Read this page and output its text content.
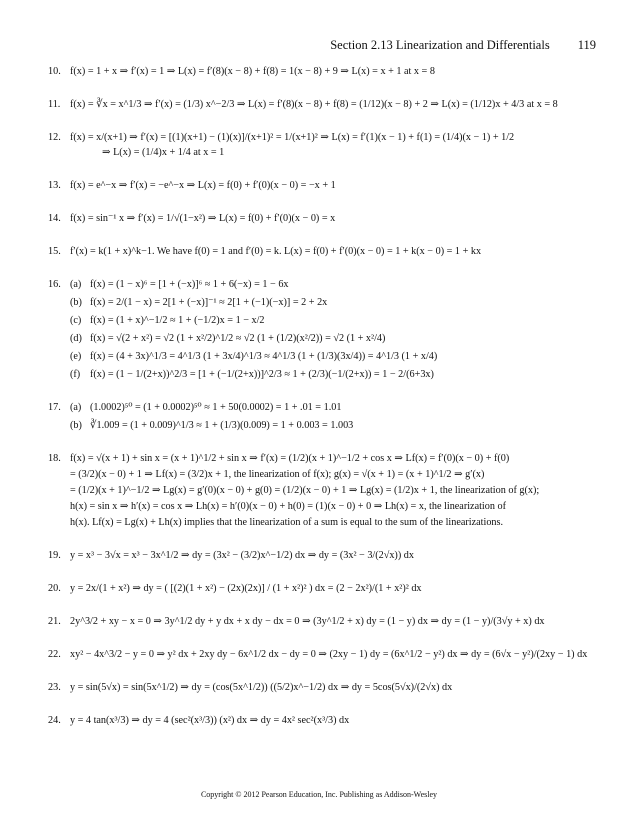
Section 2.13 Linearization and Differentials 119
10. f(x) = 1 + x ⇒ f′(x) = 1 ⇒ L(x) = f′(8)(x − 8) + f(8) = 1(x − 8) + 9 ⇒ L(x) = x + 1 at x = 8
11. f(x) = ∛x = x^1/3 ⇒ f′(x) = (1/3) x^−2/3 ⇒ L(x) = f′(8)(x − 8) + f(8) = (1/12)(x − 8) + 2 ⇒ L(x) = (1/12)x + 4/3 at x = 8
12. f(x) = x/(x+1) ⇒ f′(x) = [(1)(x+1) − (1)(x)]/(x+1)² = 1/(x+1)² ⇒ L(x) = f′(1)(x − 1) + f(1) = (1/4)(x − 1) + 1/2
⇒ L(x) = (1/4)x + 1/4 at x = 1
13. f(x) = e^−x ⇒ f′(x) = −e^−x ⇒ L(x) = f(0) + f′(0)(x − 0) = −x + 1
14. f(x) = sin⁻¹ x ⇒ f′(x) = 1/√(1−x²) ⇒ L(x) = f(0) + f′(0)(x − 0) = x
15. f′(x) = k(1 + x)^k−1. We have f(0) = 1 and f′(0) = k. L(x) = f(0) + f′(0)(x − 0) = 1 + k(x − 0) = 1 + kx
16. (a) f(x) = (1 − x)⁶ = [1 + (−x)]⁶ ≈ 1 + 6(−x) = 1 − 6x
(b) f(x) = 2/(1 − x) = 2[1 + (−x)]⁻¹ ≈ 2[1 + (−1)(−x)] = 2 + 2x
(c) f(x) = (1 + x)^−1/2 ≈ 1 + (−1/2)x = 1 − x/2
(d) f(x) = √(2 + x²) = √2 (1 + x²/2)^1/2 ≈ √2 (1 + (1/2)(x²/2)) = √2 (1 + x²/4)
(e) f(x) = (4 + 3x)^1/3 = 4^1/3 (1 + 3x/4)^1/3 ≈ 4^1/3 (1 + (1/3)(3x/4)) = 4^1/3 (1 + x/4)
(f) f(x) = (1 − 1/(2+x))^2/3 = [1 + (−1/(2+x))]^2/3 ≈ 1 + (2/3)(−1/(2+x)) = 1 − 2/(6+3x)
17. (a) (1.0002)⁵⁰ = (1 + 0.0002)⁵⁰ ≈ 1 + 50(0.0002) = 1 + .01 = 1.01
(b) ∛1.009 = (1 + 0.009)^1/3 ≈ 1 + (1/3)(0.009) = 1 + 0.003 = 1.003
18. f(x) = √(x + 1) + sin x = (x + 1)^1/2 + sin x ⇒ f′(x) = (1/2)(x + 1)^−1/2 + cos x ⇒ Lf(x) = f′(0)(x − 0) + f(0)
= (3/2)(x − 0) + 1 ⇒ Lf(x) = (3/2)x + 1, the linearization of f(x); g(x) = √(x + 1) = (x + 1)^1/2 ⇒ g′(x)
= (1/2)(x + 1)^−1/2 ⇒ Lg(x) = g′(0)(x − 0) + g(0) = (1/2)(x − 0) + 1 ⇒ Lg(x) = (1/2)x + 1, the linearization of g(x);
h(x) = sin x ⇒ h′(x) = cos x ⇒ Lh(x) = h′(0)(x − 0) + h(0) = (1)(x − 0) + 0 ⇒ Lh(x) = x, the linearization of
h(x). Lf(x) = Lg(x) + Lh(x) implies that the linearization of a sum is equal to the sum of the linearizations.
19. y = x³ − 3√x = x³ − 3x^1/2 ⇒ dy = (3x² − (3/2)x^−1/2) dx ⇒ dy = (3x² − 3/(2√x)) dx
20. y = 2x/(1 + x²) ⇒ dy = ( [(2)(1 + x²) − (2x)(2x)] / (1 + x²)² ) dx = (2 − 2x²)/(1 + x²)² dx
21. 2y^3/2 + xy − x = 0 ⇒ 3y^1/2 dy + y dx + x dy − dx = 0 ⇒ (3y^1/2 + x) dy = (1 − y) dx ⇒ dy = (1 − y)/(3√y + x) dx
22. xy² − 4x^3/2 − y = 0 ⇒ y² dx + 2xy dy − 6x^1/2 dx − dy = 0 ⇒ (2xy − 1) dy = (6x^1/2 − y²) dx ⇒ dy = (6√x − y²)/(2xy − 1) dx
23. y = sin(5√x) = sin(5x^1/2) ⇒ dy = (cos(5x^1/2)) ((5/2)x^−1/2) dx ⇒ dy = 5cos(5√x)/(2√x) dx
24. y = 4 tan(x³/3) ⇒ dy = 4 (sec²(x³/3)) (x²) dx ⇒ dy = 4x² sec²(x³/3) dx
Copyright © 2012 Pearson Education, Inc. Publishing as Addison-Wesley
